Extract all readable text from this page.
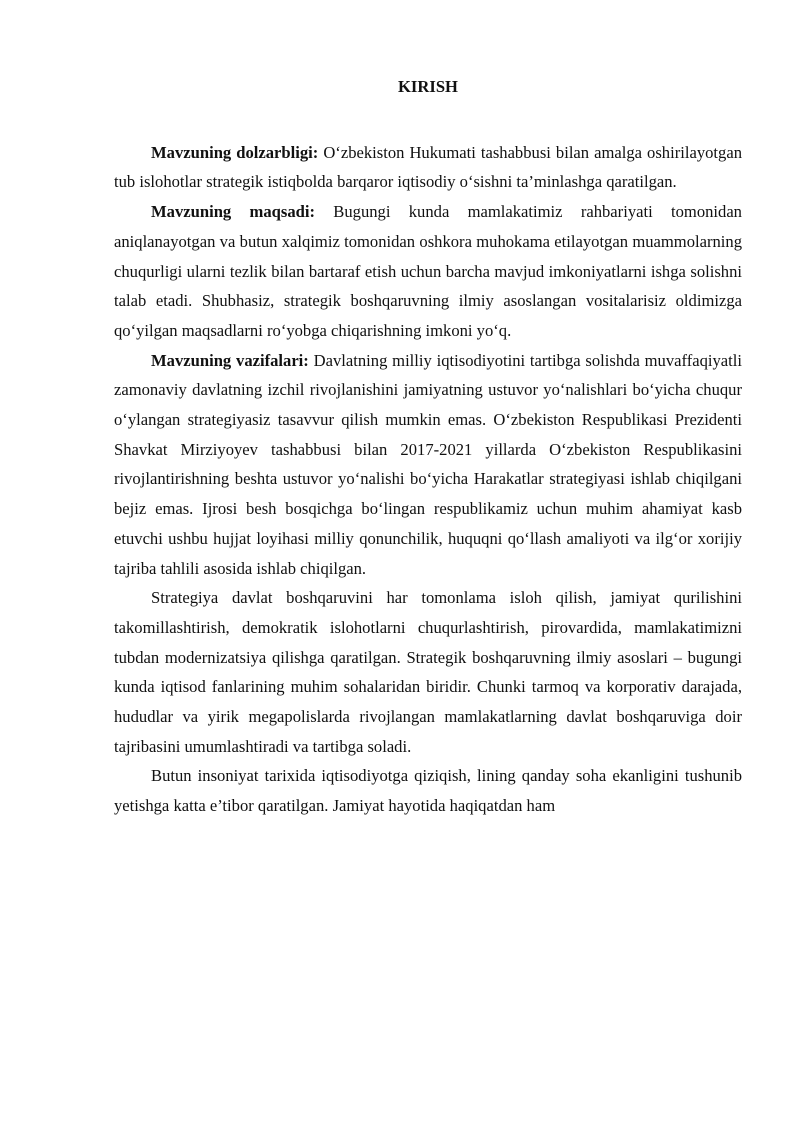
KIRISH

Mavzuning dolzarbligi: O‘zbekiston Hukumati tashabbusi bilan amalga oshirilayotgan tub islohotlar strategik istiqbolda barqaror iqtisodiy o‘sishni ta’minlashga qaratilgan.

Mavzuning maqsadi: Bugungi kunda mamlakatimiz rahbariyati tomonidan aniqlanayotgan va butun xalqimiz tomonidan oshkora muhokama etilayotgan muammolarning chuqurligi ularni tezlik bilan bartaraf etish uchun barcha mavjud imkoniyatlarni ishga solishni talab etadi. Shubhasiz, strategik boshqaruvning ilmiy asoslangan vositalarisiz oldimizga qo‘yilgan maqsadlarni ro‘yobga chiqarishning imkoni yo‘q.

Mavzuning vazifalari: Davlatning milliy iqtisodiyotini tartibga solishda muvaffaqiyatli zamonaviy davlatning izchil rivojlanishini jamiyatning ustuvor yo‘nalishlari bo‘yicha chuqur o‘ylangan strategiyasiz tasavvur qilish mumkin emas. O‘zbekiston Respublikasi Prezidenti Shavkat Mirziyoyev tashabbusi bilan 2017-2021 yillarda O‘zbekiston Respublikasini rivojlantirishning beshta ustuvor yo‘nalishi bo‘yicha Harakatlar strategiyasi ishlab chiqilgani bejiz emas. Ijrosi besh bosqichga bo‘lingan respublikamiz uchun muhim ahamiyat kasb etuvchi ushbu hujjat loyihasi milliy qonunchilik, huquqni qo‘llash amaliyoti va ilg‘or xorijiy tajriba tahlili asosida ishlab chiqilgan.

Strategiya davlat boshqaruvini har tomonlama isloh qilish, jamiyat qurilishini takomillashtirish, demokratik islohotlarni chuqurlashtirish, pirovardida, mamlakatimizni tubdan modernizatsiya qilishga qaratilgan. Strategik boshqaruvning ilmiy asoslari – bugungi kunda iqtisod fanlarining muhim sohalaridan biridir. Chunki tarmoq va korporativ darajada, hududlar va yirik megapolislarda rivojlangan mamlakatlarning davlat boshqaruviga doir tajribasini umumlashtiradi va tartibga soladi.

Butun insoniyat tarixida iqtisodiyotga qiziqish, lining qanday soha ekanligini tushunib yetishga katta e’tibor qaratilgan. Jamiyat hayotida haqiqatdan ham
